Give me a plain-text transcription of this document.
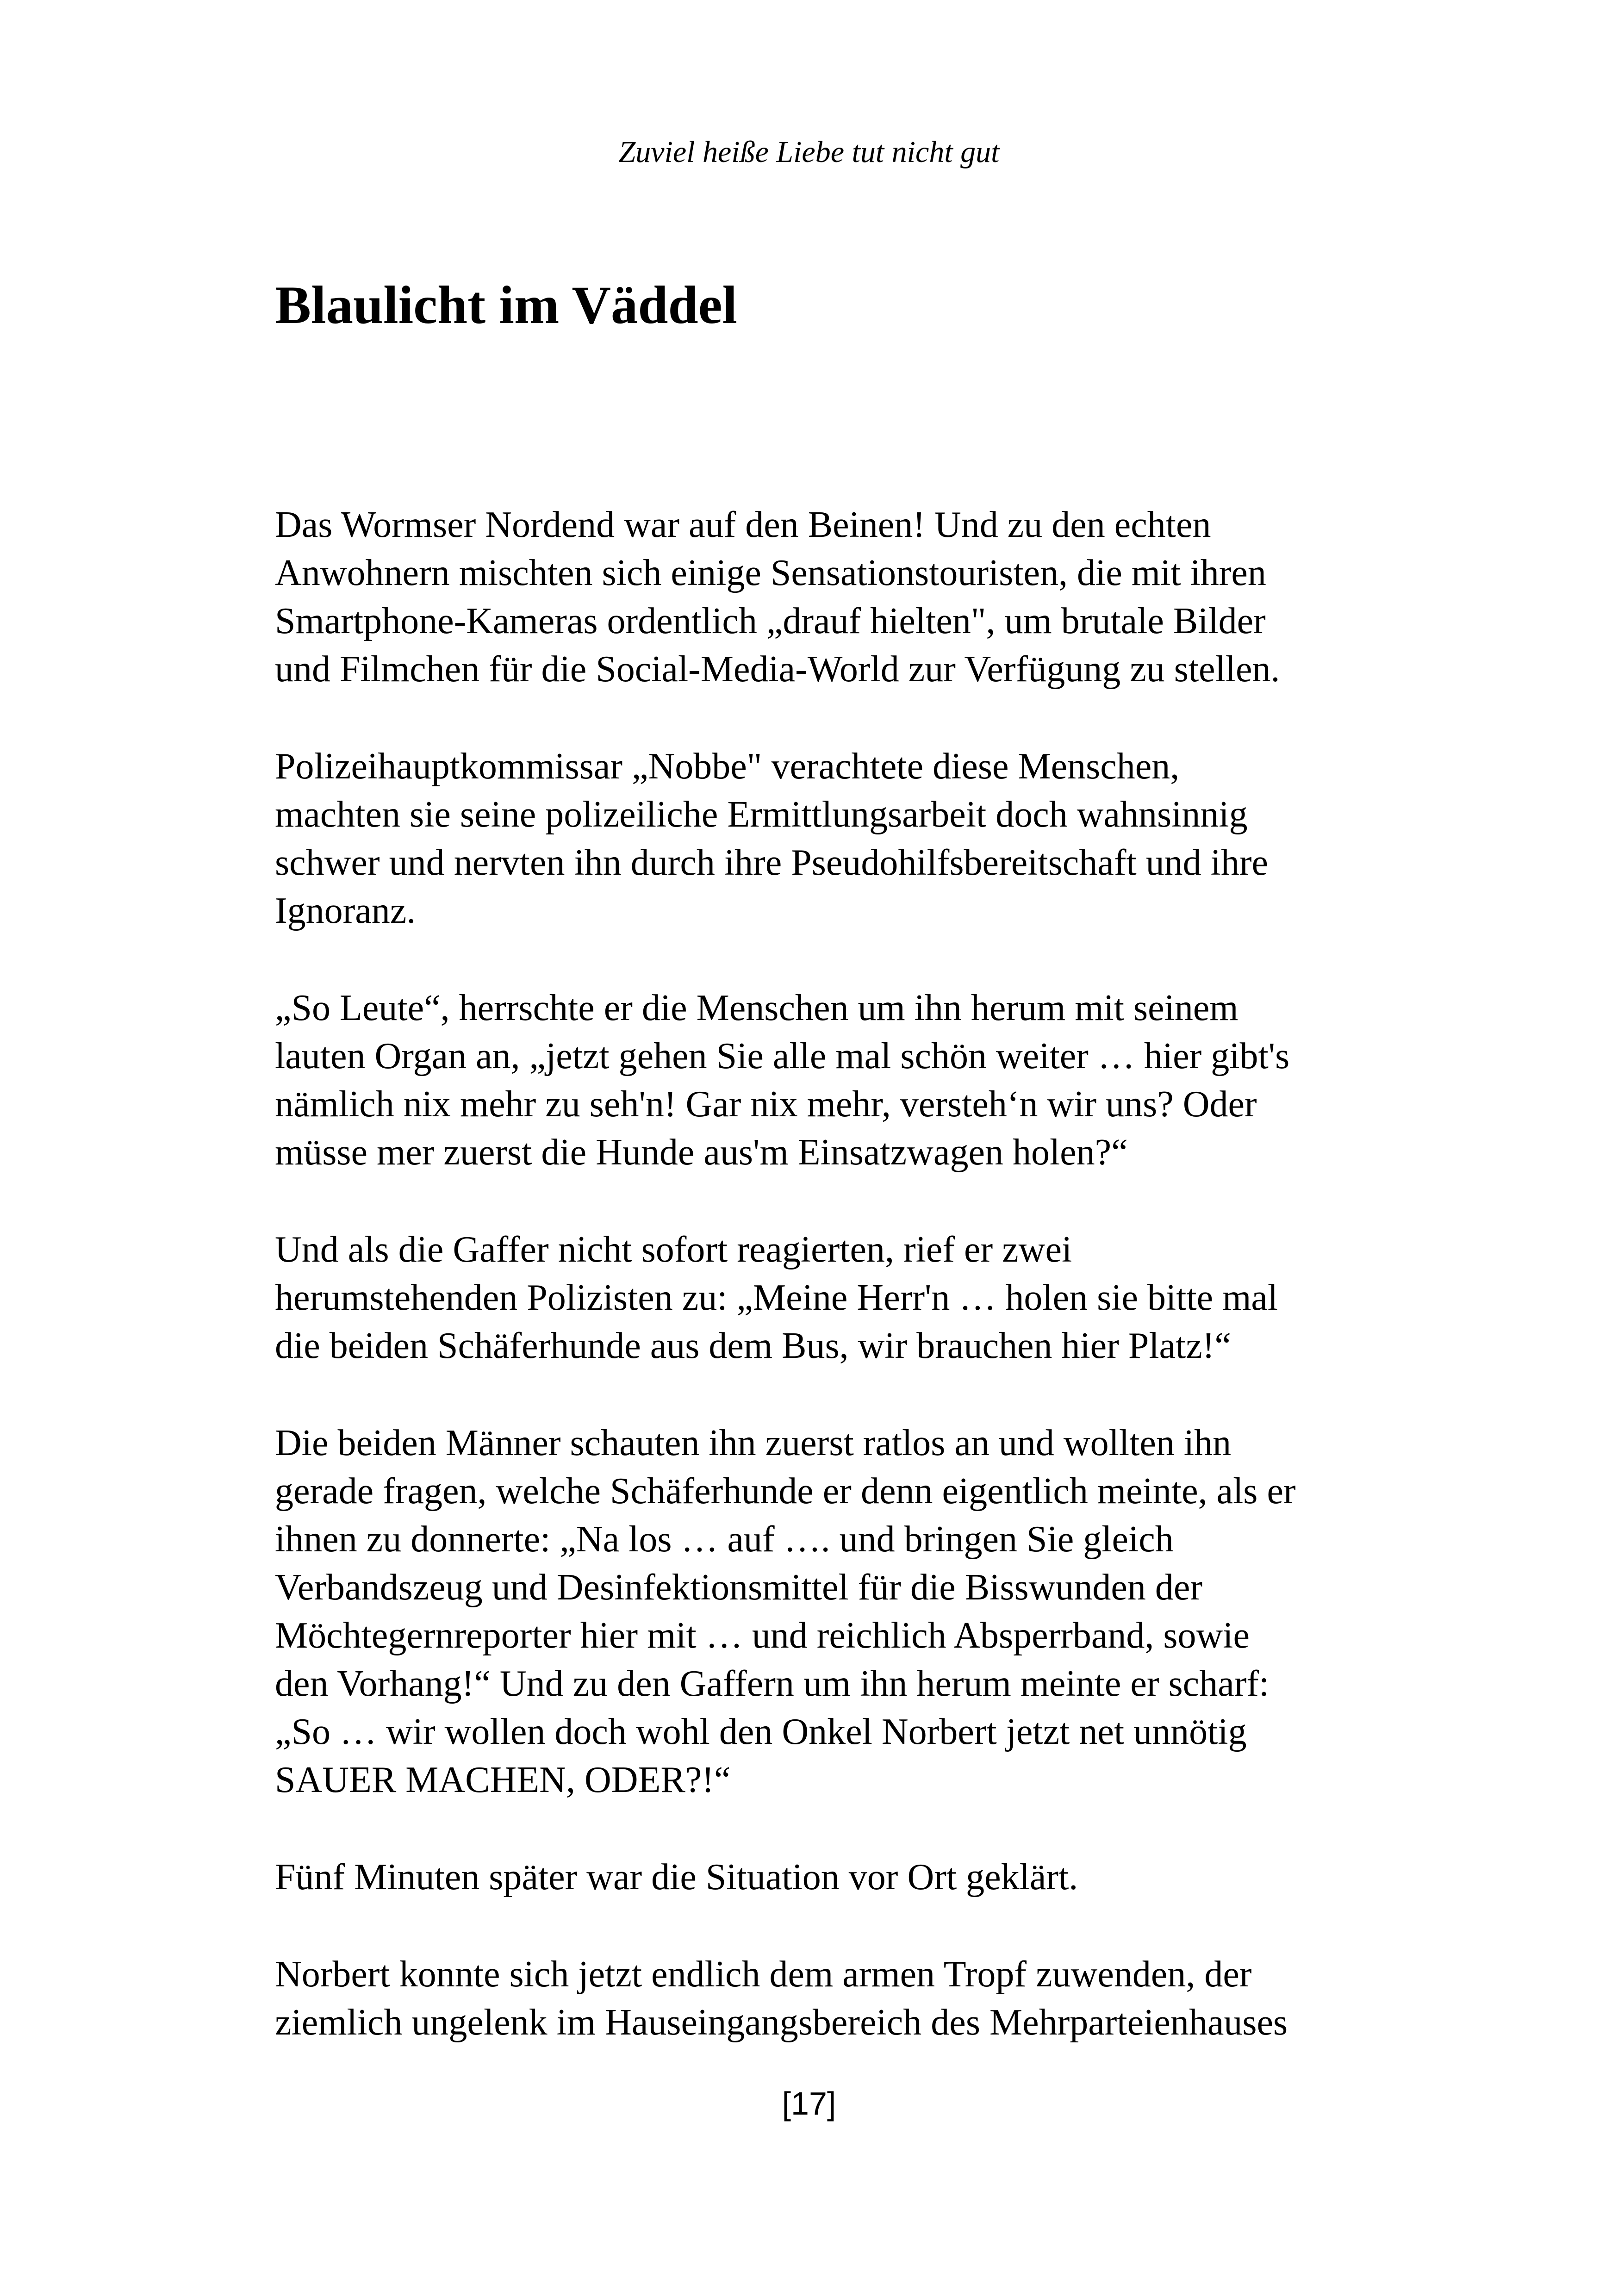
Zuviel heiße Liebe tut nicht gut
Blaulicht im Väddel

Das Wormser Nordend war auf den Beinen! Und zu den echten
Anwohnern mischten sich einige Sensationstouristen, die mit ihren
Smartphone-Kameras ordentlich „drauf hielten", um brutale Bilder
und Filmchen für die Social-Media-World zur Verfügung zu stellen.

Polizeihauptkommissar „Nobbe" verachtete diese Menschen,
machten sie seine polizeiliche Ermittlungsarbeit doch wahnsinnig
schwer und nervten ihn durch ihre Pseudohilfsbereitschaft und ihre
Ignoranz.

„So Leute“, herrschte er die Menschen um ihn herum mit seinem
lauten Organ an, „jetzt gehen Sie alle mal schön weiter … hier gibt's
nämlich nix mehr zu seh'n! Gar nix mehr, versteh‘n wir uns? Oder
müsse mer zuerst die Hunde aus'm Einsatzwagen holen?“

Und als die Gaffer nicht sofort reagierten, rief er zwei
herumstehenden Polizisten zu: „Meine Herr'n … holen sie bitte mal
die beiden Schäferhunde aus dem Bus, wir brauchen hier Platz!“

Die beiden Männer schauten ihn zuerst ratlos an und wollten ihn
gerade fragen, welche Schäferhunde er denn eigentlich meinte, als er
ihnen zu donnerte: „Na los … auf …. und bringen Sie gleich
Verbandszeug und Desinfektionsmittel für die Bisswunden der
Möchtegernreporter hier mit … und reichlich Absperrband, sowie
den Vorhang!“ Und zu den Gaffern um ihn herum meinte er scharf:
„So … wir wollen doch wohl den Onkel Norbert jetzt net unnötig
SAUER MACHEN, ODER?!“

Fünf Minuten später war die Situation vor Ort geklärt.

Norbert konnte sich jetzt endlich dem armen Tropf zuwenden, der
ziemlich ungelenk im Hauseingangsbereich des Mehrparteienhauses

[17]
